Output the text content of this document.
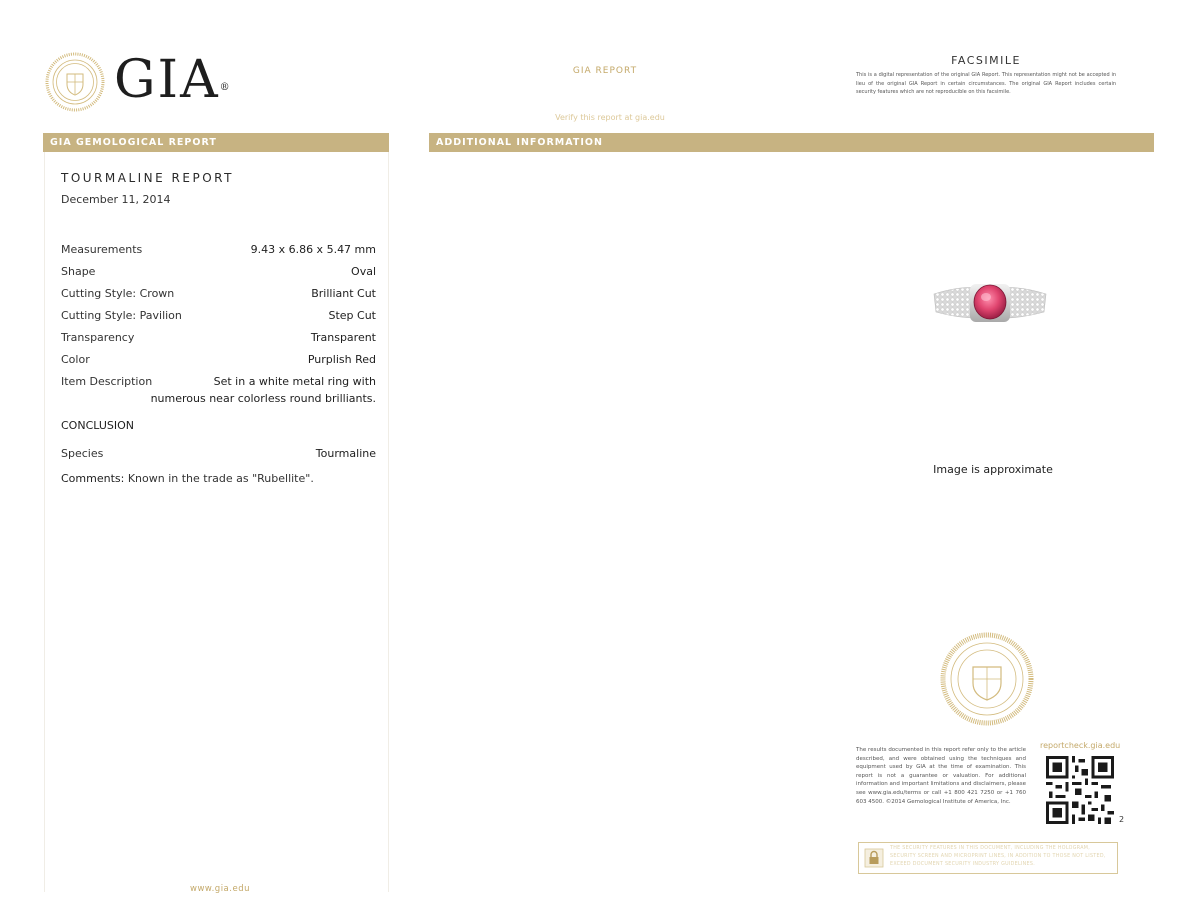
GIA®
GIA REPORT
Verify this report at gia.edu
FACSIMILE
This is a digital representation of the original GIA Report. This representation might not be accepted in lieu of the original GIA Report in certain circumstances. The original GIA Report includes certain security features which are not reproducible on this facsimile.
GIA GEMOLOGICAL REPORT	ADDITIONAL INFORMATION
TOURMALINE REPORT
December 11, 2014
Measurements .....	9.43 x 6.86 x 5.47 mm
Shape .....	Oval
Cutting Style: Crown .....	Brilliant Cut
Cutting Style: Pavilion .....	Step Cut
Transparency .....	Transparent
Color .....	Purplish Red
Item Description .....	Set in a white metal ring with
numerous near colorless round brilliants.
CONCLUSION
Species .....	Tourmaline
Comments: Known in the trade as "Rubellite".
www.gia.edu
Image is approximate
The results documented in this report refer only to the article described, and were obtained using the techniques and equipment used by GIA at the time of examination. This report is not a guarantee or valuation. For additional information and important limitations and disclaimers, please see www.gia.edu/terms or call +1 800 421 7250 or +1 760 603 4500. ©2014 Gemological Institute of America, Inc.
reportcheck.gia.edu
2
THE SECURITY FEATURES IN THIS DOCUMENT, INCLUDING THE HOLOGRAM, SECURITY SCREEN AND MICROPRINT LINES, IN ADDITION TO THOSE NOT LISTED, EXCEED DOCUMENT SECURITY INDUSTRY GUIDELINES.
